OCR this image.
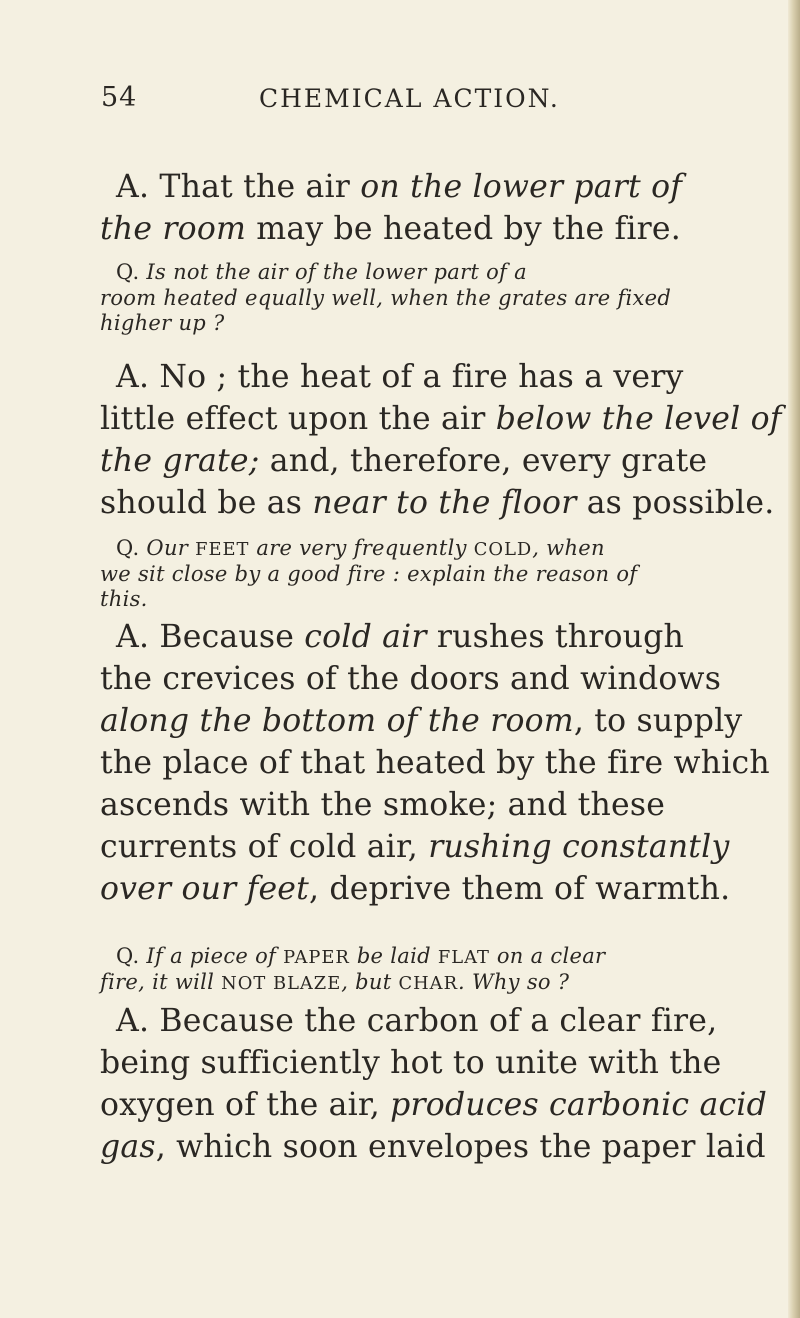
54	CHEMICAL ACTION.
A. That the air on the lower part of
the room may be heated by the fire.
Q. Is not the air of the lower part of a
room heated equally well, when the grates are fixed
higher up ?
A. No ; the heat of a fire has a very
little effect upon the air below the level of
the grate; and, therefore, every grate
should be as near to the floor as possible.
Q. Our FEET are very frequently COLD, when
we sit close by a good fire : explain the reason of
this.
A. Because cold air rushes through
the crevices of the doors and windows
along the bottom of the room, to supply
the place of that heated by the fire which
ascends with the smoke; and these
currents of cold air, rushing constantly
over our feet, deprive them of warmth.
Q. If a piece of PAPER be laid FLAT on a clear
fire, it will NOT BLAZE, but CHAR. Why so ?
A. Because the carbon of a clear fire,
being sufficiently hot to unite with the
oxygen of the air, produces carbonic acid
gas, which soon envelopes the paper laid
